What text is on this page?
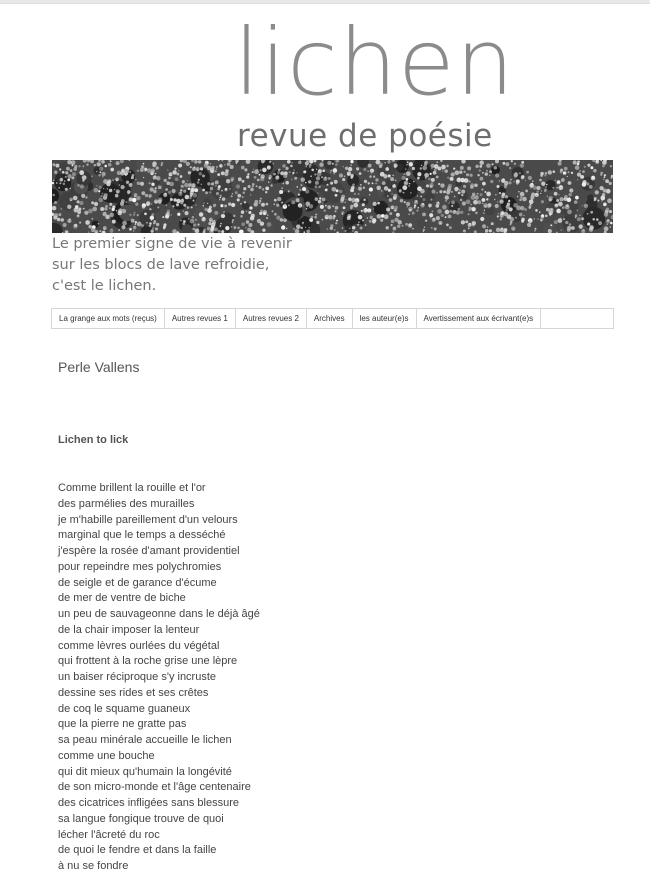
lichen
revue de poésie
Le premier signe de vie à revenir
sur les blocs de lave refroidie,
c'est le lichen.
La grange aux mots (reçus)	Autres revues 1	Autres revues 2	Archives	les auteur(e)s	Avertissement aux écrivant(e)s
Perle Vallens
Lichen to lick
Comme brillent la rouille et l'or
des parmélies des murailles
je m'habille pareillement d'un velours
marginal que le temps a desséché
j'espère la rosée d'amant providentiel
pour repeindre mes polychromies
de seigle et de garance d'écume
de mer de ventre de biche
un peu de sauvageonne dans le déjà âgé
de la chair imposer la lenteur
comme lèvres ourlées du végétal
qui frottent à la roche grise une lèpre
un baiser réciproque s'y incruste
dessine ses rides et ses crêtes
de coq le squame guaneux
que la pierre ne gratte pas
sa peau minérale accueille le lichen
comme une bouche
qui dit mieux qu'humain la longévité
de son micro-monde et l'âge centenaire
des cicatrices infligées sans blessure
sa langue fongique trouve de quoi
lécher l'âcreté du roc
de quoi le fendre et dans la faille
à nu se fondre
